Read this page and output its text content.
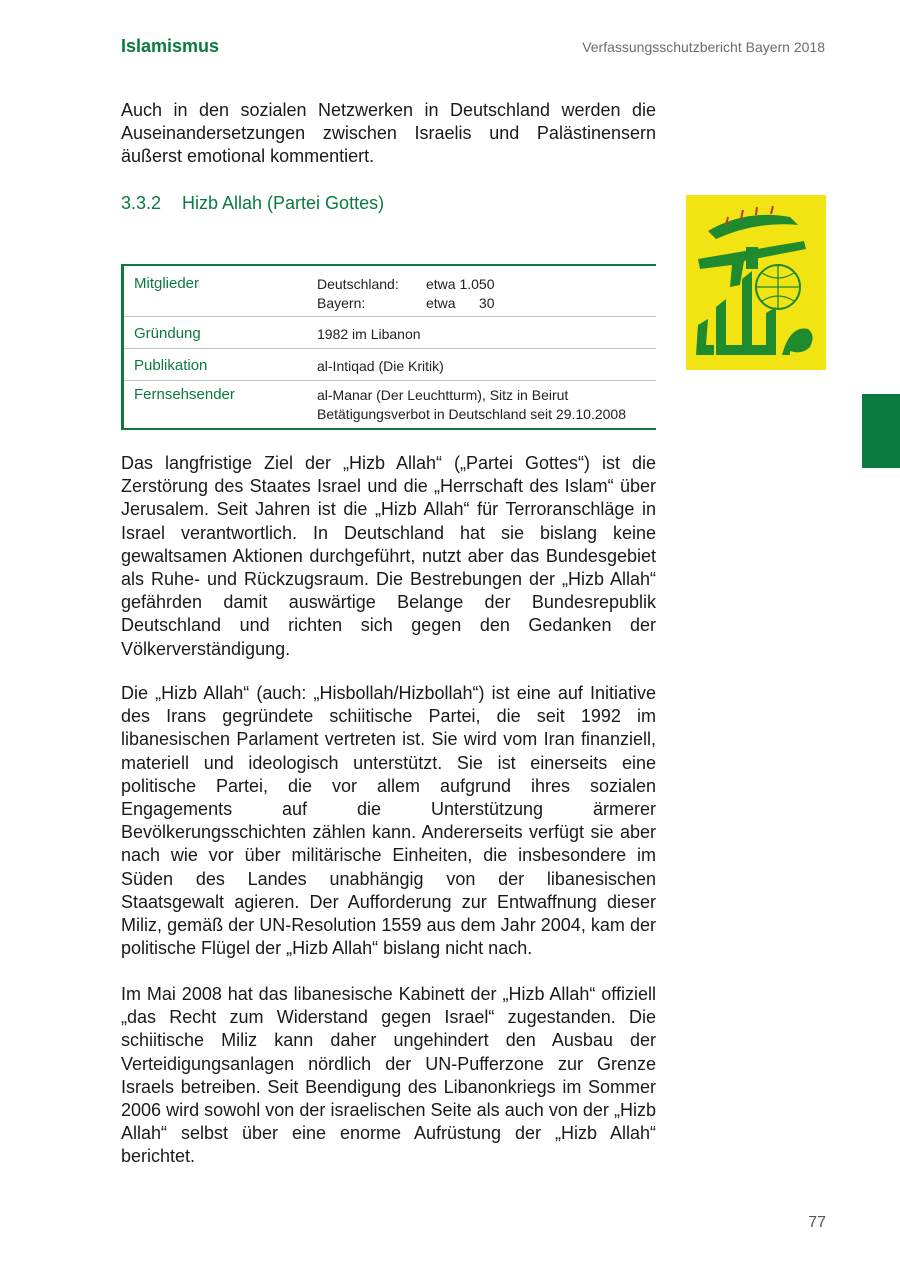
Islamismus	Verfassungsschutzbericht Bayern 2018
Auch in den sozialen Netzwerken in Deutschland werden die Auseinandersetzungen zwischen Israelis und Palästinensern äußerst emotional kommentiert.
3.3.2 Hizb Allah (Partei Gottes)
Mitglieder	Deutschland: etwa 1.050
Bayern:	etwa      30
Gründung	1982 im Libanon
Publikation	al-Intiqad (Die Kritik)
Fernsehsender	al-Manar (Der Leuchtturm), Sitz in Beirut
Betätigungsverbot in Deutschland seit 29.10.2008

Das langfristige Ziel der „Hizb Allah“ („Partei Gottes“) ist die Zerstörung des Staates Israel und die „Herrschaft des Islam“ über Jerusalem. Seit Jahren ist die „Hizb Allah“ für Terroranschläge in Israel verantwortlich. In Deutschland hat sie bislang keine gewaltsamen Aktionen durchgeführt, nutzt aber das Bundesgebiet als Ruhe- und Rückzugsraum. Die Bestrebungen der „Hizb Allah“ gefährden damit auswärtige Belange der Bundesrepublik Deutschland und richten sich gegen den Gedanken der Völkerverständigung.

Die „Hizb Allah“ (auch: „Hisbollah/Hizbollah“) ist eine auf Initiative des Irans gegründete schiitische Partei, die seit 1992 im libanesischen Parlament vertreten ist. Sie wird vom Iran finanziell, materiell und ideologisch unterstützt. Sie ist einerseits eine politische Partei, die vor allem aufgrund ihres sozialen Engagements auf die Unterstützung ärmerer Bevölkerungsschichten zählen kann. Andererseits verfügt sie aber nach wie vor über militärische Einheiten, die insbesondere im Süden des Landes unabhängig von der libanesischen Staatsgewalt agieren. Der Aufforderung zur Entwaffnung dieser Miliz, gemäß der UN-Resolution 1559 aus dem Jahr 2004, kam der politische Flügel der „Hizb Allah“ bislang nicht nach.

Im Mai 2008 hat das libanesische Kabinett der „Hizb Allah“ offiziell „das Recht zum Widerstand gegen Israel“ zugestanden. Die schiitische Miliz kann daher ungehindert den Ausbau der Verteidigungsanlagen nördlich der UN-Pufferzone zur Grenze Israels betreiben. Seit Beendigung des Libanonkriegs im Sommer 2006 wird sowohl von der israelischen Seite als auch von der „Hizb Allah“ selbst über eine enorme Aufrüstung der „Hizb Allah“ berichtet.

77
